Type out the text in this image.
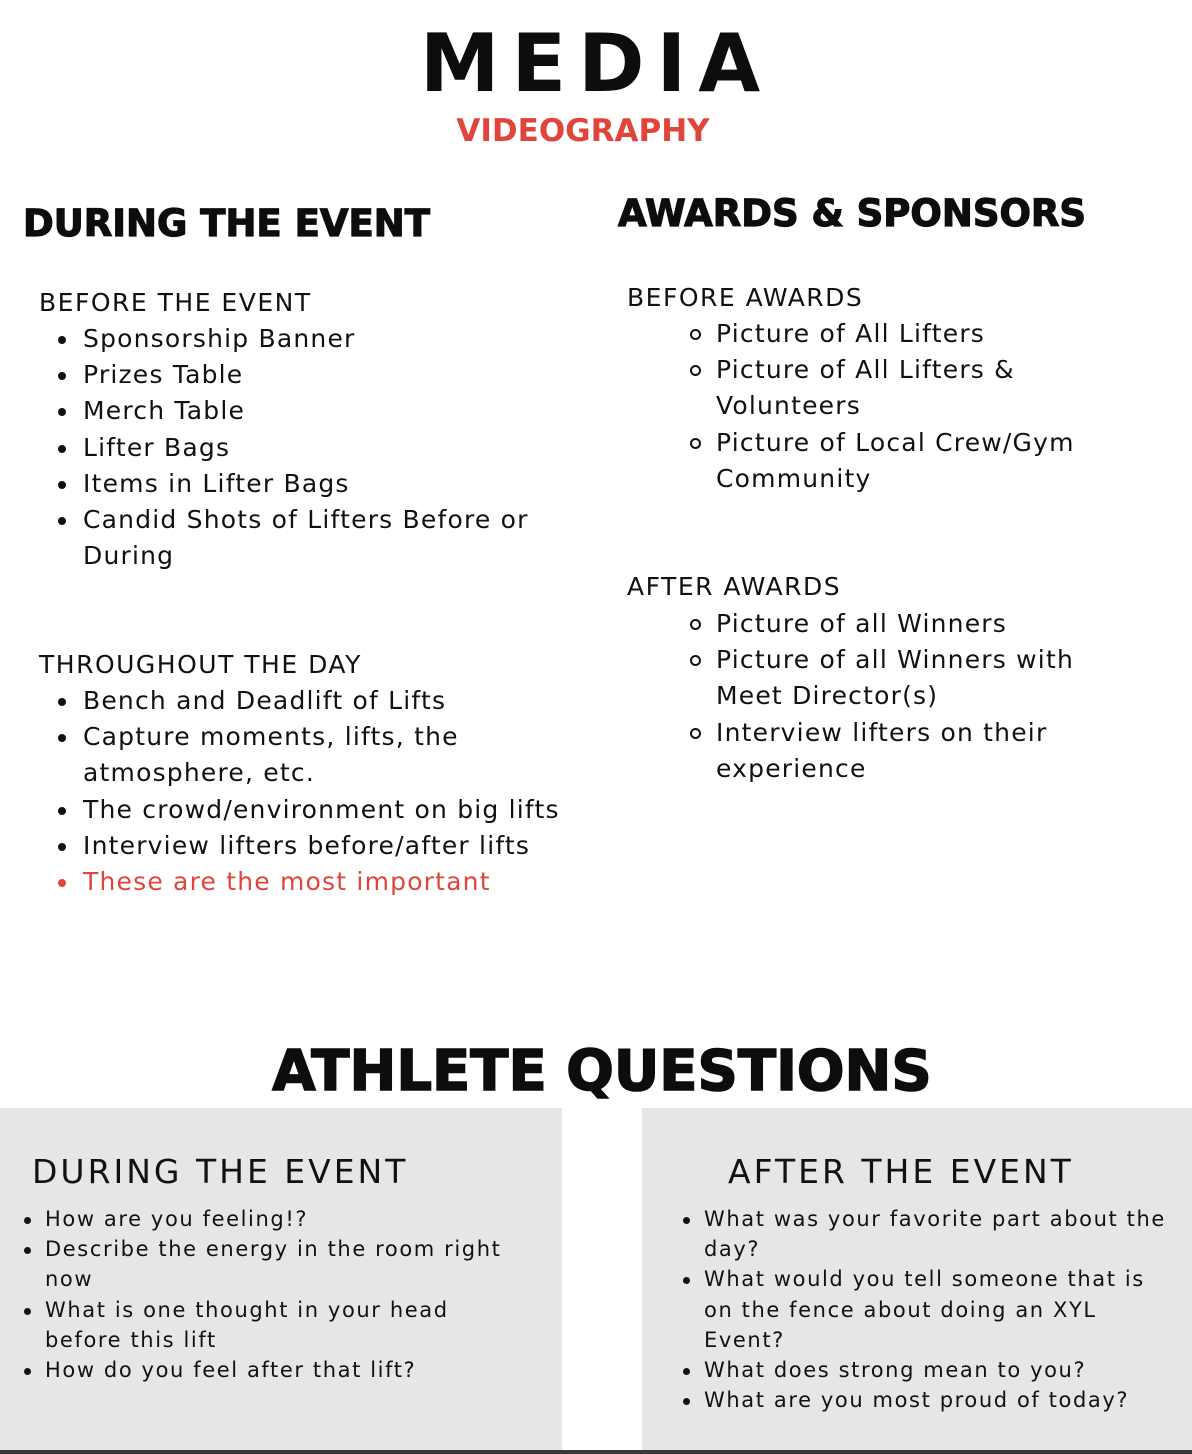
MEDIA
VIDEOGRAPHY
DURING THE EVENT
BEFORE THE EVENT
Sponsorship Banner
Prizes Table
Merch Table
Lifter Bags
Items in Lifter Bags
Candid Shots of Lifters Before or During
THROUGHOUT THE DAY
Bench and Deadlift of Lifts
Capture moments, lifts, the atmosphere, etc.
The crowd/environment on big lifts
Interview lifters before/after lifts
These are the most important
AWARDS & SPONSORS
BEFORE AWARDS
Picture of All Lifters
Picture of All Lifters & Volunteers
Picture of Local Crew/Gym Community
AFTER AWARDS
Picture of all Winners
Picture of all Winners with Meet Director(s)
Interview lifters on their experience
ATHLETE QUESTIONS
DURING THE EVENT
How are you feeling!?
Describe the energy in the room right now
What is one thought in your head before this lift
How do you feel after that lift?
AFTER THE EVENT
What was your favorite part about the day?
What would you tell someone that is on the fence about doing an XYL Event?
What does strong mean to you?
What are you most proud of today?
